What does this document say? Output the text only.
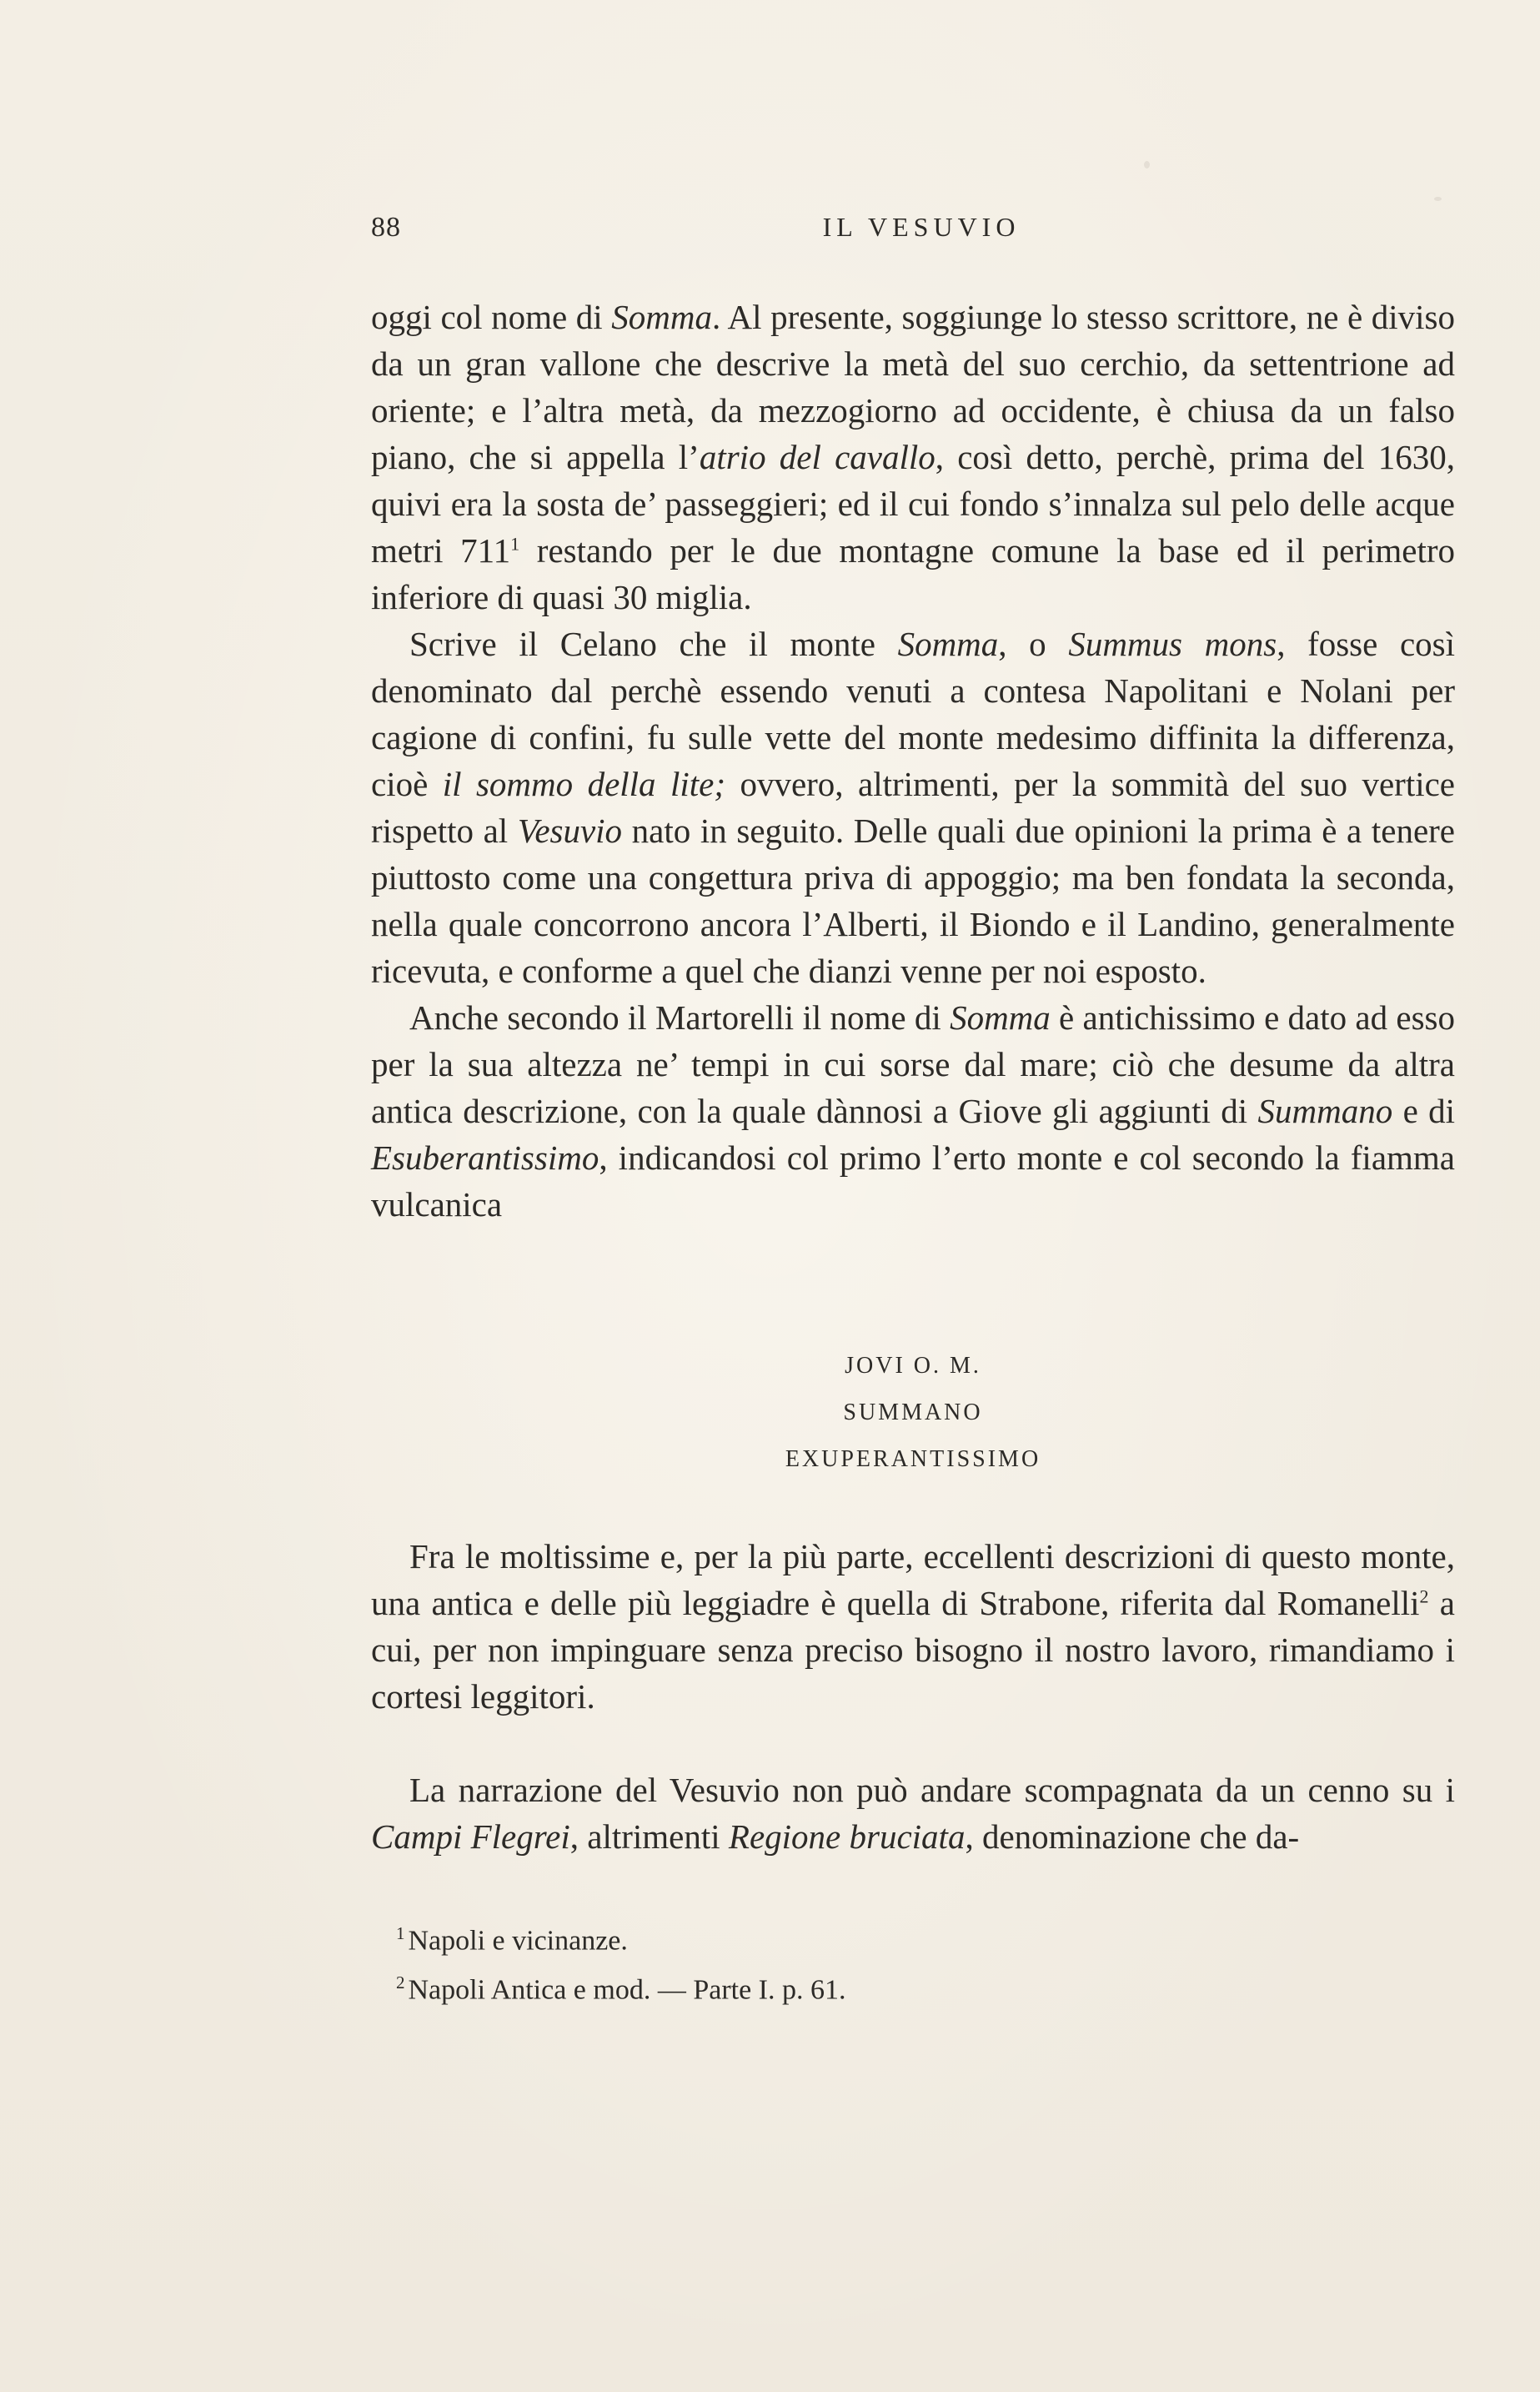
88	IL VESUVIO

oggi col nome di Somma. Al presente, soggiunge lo stesso scrittore, ne è diviso da un gran vallone che descrive la metà del suo cerchio, da settentrione ad oriente; e l’altra metà, da mezzogiorno ad occidente, è chiusa da un falso piano, che si appella l’atrio del cavallo, così detto, perchè, prima del 1630, quivi era la sosta de’ passeggieri; ed il cui fondo s’innalza sul pelo delle acque metri $711^1$ restando per le due montagne comune la base ed il perimetro inferiore di quasi 30 miglia.

Scrive il Celano che il monte Somma, o Summus mons, fosse così denominato dal perchè essendo venuti a contesa Napolitani e Nolani per cagione di confini, fu sulle vette del monte medesimo diffinita la differenza, cioè il sommo della lite; ovvero, altrimenti, per la sommità del suo vertice rispetto al Vesuvio nato in seguito. Delle quali due opinioni la prima è a tenere piuttosto come una congettura priva di appoggio; ma ben fondata la seconda, nella quale concorrono ancora l’Alberti, il Biondo e il Landino, generalmente ricevuta, e conforme a quel che dianzi venne per noi esposto.

Anche secondo il Martorelli il nome di Somma è antichissimo e dato ad esso per la sua altezza ne’ tempi in cui sorse dal mare; ciò che desume da altra antica descrizione, con la quale dànnosi a Giove gli aggiunti di Summano e di Esuberantissimo, indicandosi col primo l’erto monte e col secondo la fiamma vulcanica

JOVI O. M.
SUMMANO
EXUPERANTISSIMO

Fra le moltissime e, per la più parte, eccellenti descrizioni di questo monte, una antica e delle più leggiadre è quella di Strabone, riferita dal Romanelli$^2$ a cui, per non impinguare senza preciso bisogno il nostro lavoro, rimandiamo i cortesi leggitori.

La narrazione del Vesuvio non può andare scompagnata da un cenno su i Campi Flegrei, altrimenti Regione bruciata, denominazione che da-

$^1$ Napoli e vicinanze.
$^2$ Napoli Antica e mod. — Parte I. p. 61.
